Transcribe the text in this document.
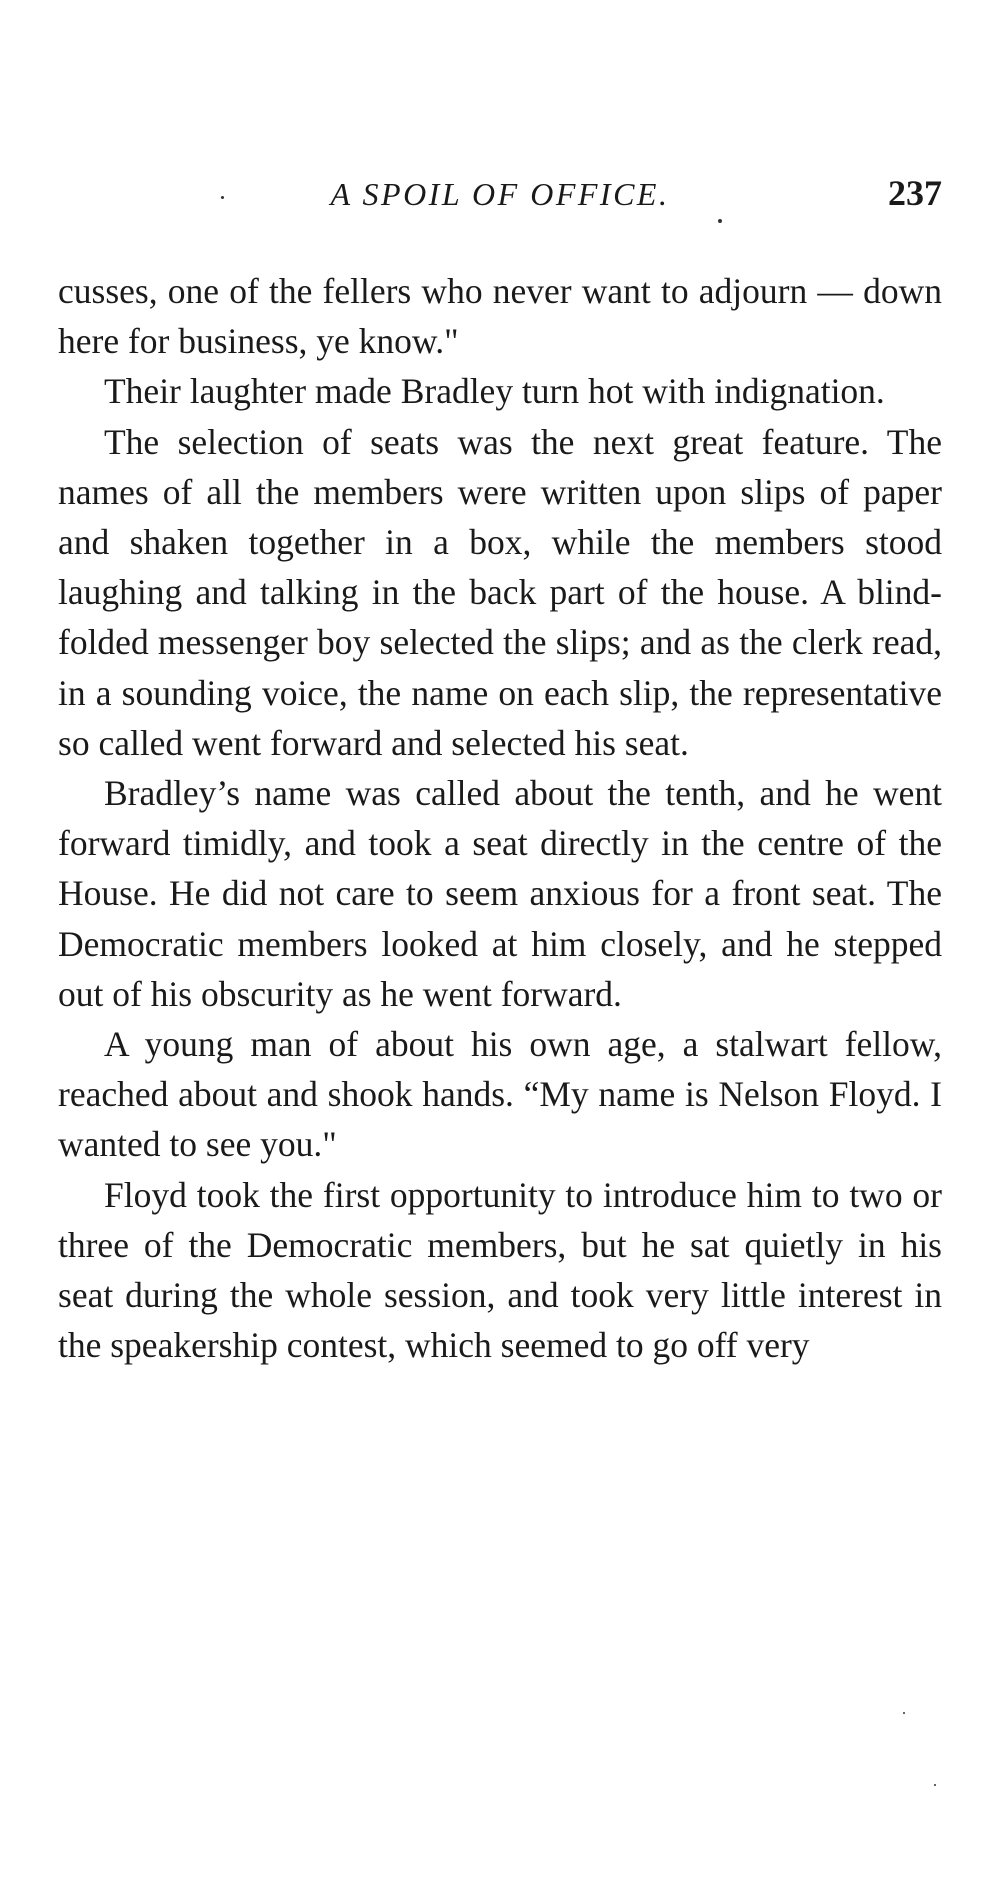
A SPOIL OF OFFICE.	237

cusses, one of the fellers who never want to adjourn — down here for business, ye know."

Their laughter made Bradley turn hot with indignation.

The selection of seats was the next great feature. The names of all the members were written upon slips of paper and shaken together in a box, while the members stood laughing and talking in the back part of the house. A blind-folded messenger boy selected the slips; and as the clerk read, in a sounding voice, the name on each slip, the representative so called went forward and selected his seat.

Bradley’s name was called about the tenth, and he went forward timidly, and took a seat directly in the centre of the House. He did not care to seem anxious for a front seat. The Democratic members looked at him closely, and he stepped out of his obscurity as he went forward.

A young man of about his own age, a stalwart fellow, reached about and shook hands. “My name is Nelson Floyd. I wanted to see you."

Floyd took the first opportunity to introduce him to two or three of the Democratic members, but he sat quietly in his seat during the whole session, and took very little interest in the speakership contest, which seemed to go off very
